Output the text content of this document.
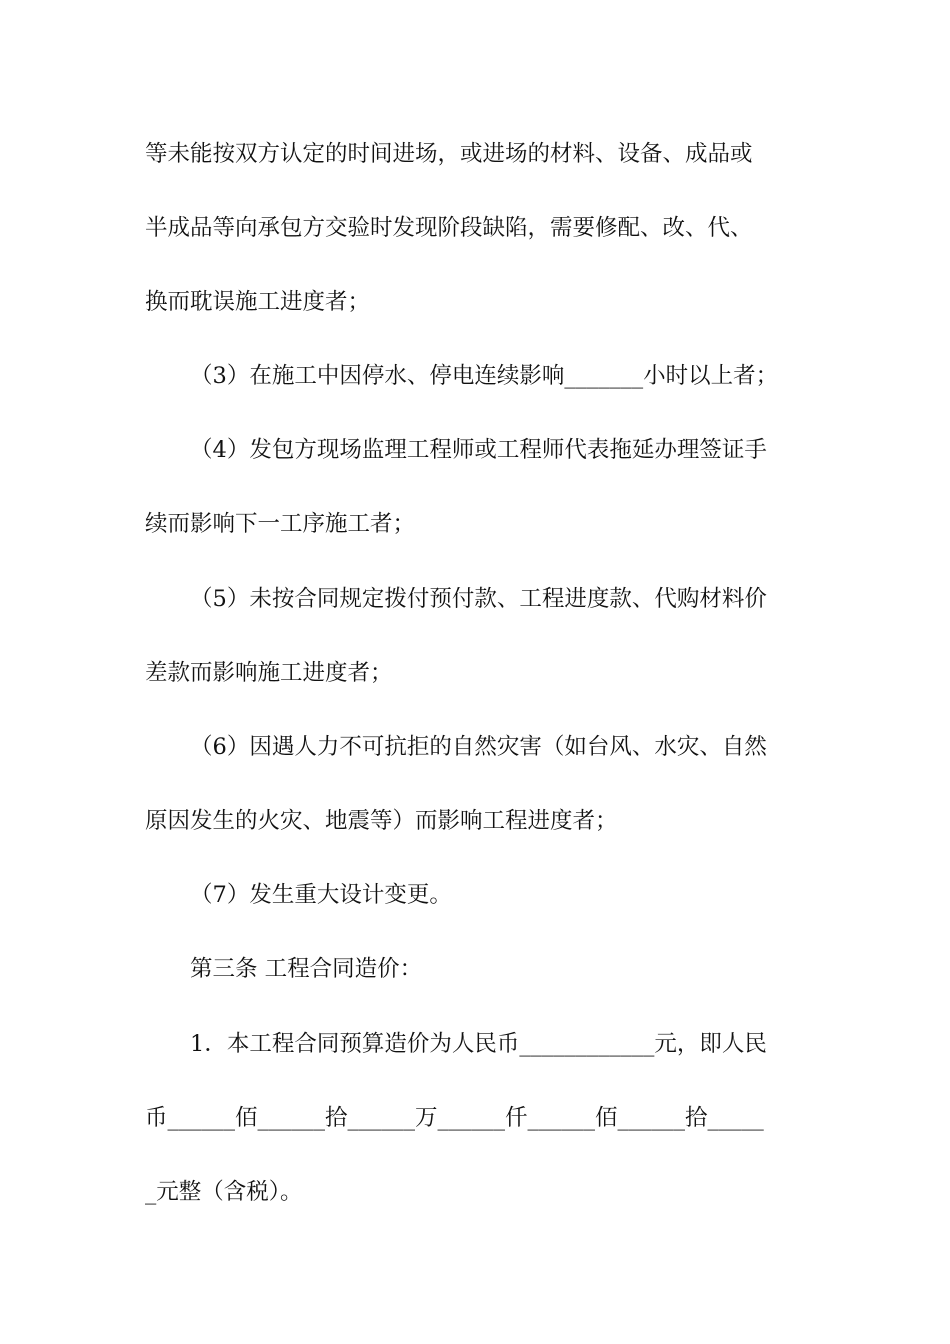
等未能按双方认定的时间进场，或进场的材料、设备、成品或
半成品等向承包方交验时发现阶段缺陷，需要修配、改、代、
换而耽误施工进度者；
（3）在施工中因停水、停电连续影响_______小时以上者；
（4）发包方现场监理工程师或工程师代表拖延办理签证手
续而影响下一工序施工者；
（5）未按合同规定拨付预付款、工程进度款、代购材料价
差款而影响施工进度者；
（6）因遇人力不可抗拒的自然灾害（如台风、水灾、自然
原因发生的火灾、地震等）而影响工程进度者；
（7）发生重大设计变更。
第三条 工程合同造价：
1．本工程合同预算造价为人民币____________元，即人民
币______佰______拾______万______仟______佰______拾_____
_元整（含税）。
